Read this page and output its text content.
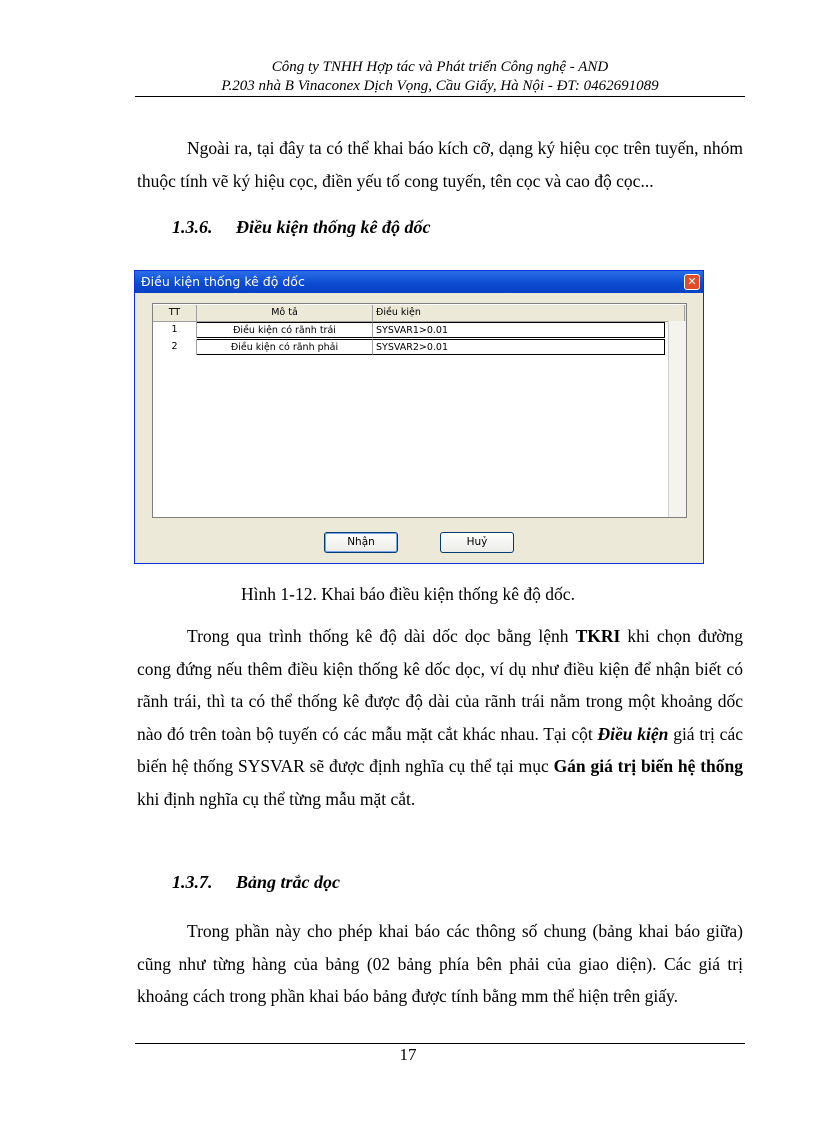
Công ty TNHH Hợp tác và Phát triển Công nghệ - AND
P.203 nhà B Vinaconex Dịch Vọng, Cầu Giấy, Hà Nội - ĐT: 0462691089
Ngoài ra, tại đây ta có thể khai báo kích cỡ, dạng ký hiệu cọc trên tuyến, nhóm thuộc tính vẽ ký hiệu cọc, điền yếu tố cong tuyến, tên cọc và cao độ cọc...
1.3.6. Điều kiện thống kê độ dốc
Điều kiện thống kê độ dốc	✕
TT	Mô tả	Điều kiện
1	Điều kiện có rãnh trái	SYSVAR1>0.01
2	Điều kiện có rãnh phải	SYSVAR2>0.01
Nhận	Huỷ
Hình 1-12. Khai báo điều kiện thống kê độ dốc.
Trong qua trình thống kê độ dài dốc dọc bằng lệnh TKRI khi chọn đường cong đứng nếu thêm điều kiện thống kê dốc dọc, ví dụ như điều kiện để nhận biết có rãnh trái, thì ta có thể thống kê được độ dài của rãnh trái nằm trong một khoảng dốc nào đó trên toàn bộ tuyến có các mẫu mặt cắt khác nhau. Tại cột Điều kiện giá trị các biến hệ thống SYSVAR sẽ được định nghĩa cụ thể tại mục Gán giá trị biến hệ thống khi định nghĩa cụ thể từng mẫu mặt cắt.
1.3.7. Bảng trắc dọc
Trong phần này cho phép khai báo các thông số chung (bảng khai báo giữa) cũng như từng hàng của bảng (02 bảng phía bên phải của giao diện). Các giá trị khoảng cách trong phần khai báo bảng được tính bằng mm thể hiện trên giấy.
17
